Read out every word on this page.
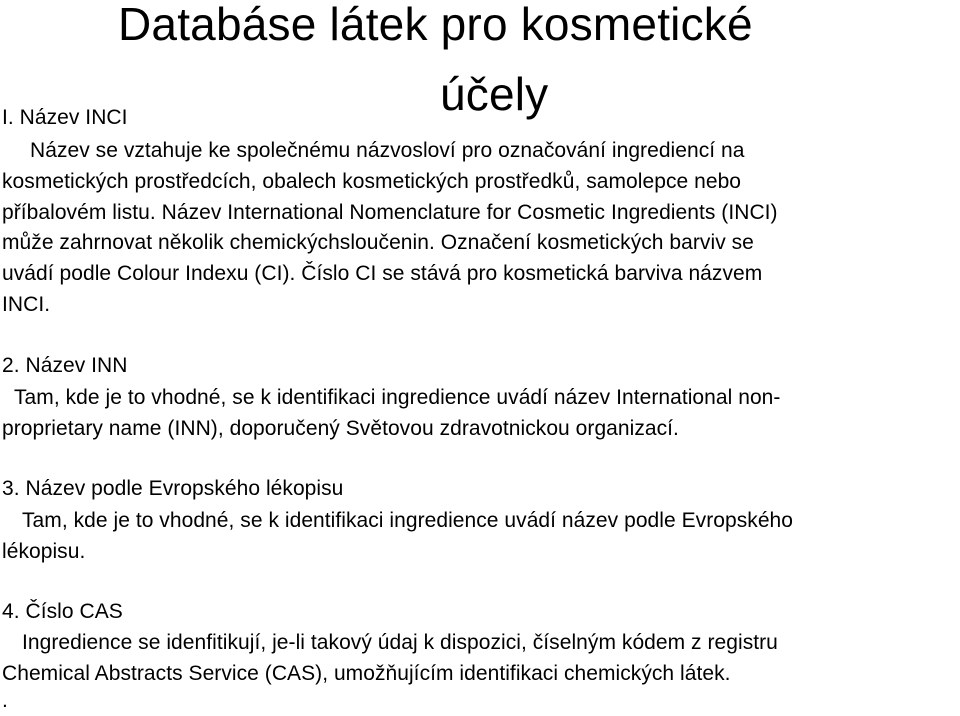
Databáse látek pro kosmetické
účely
I. Název INCI
Název se vztahuje ke společnému názvosloví pro označování ingrediencí na
kosmetických prostředcích, obalech kosmetických prostředků, samolepce nebo
příbalovém listu. Název International Nomenclature for Cosmetic Ingredients (INCI)
může zahrnovat několik chemickýchsloučenin. Označení kosmetických barviv se
uvádí podle Colour Indexu (CI). Číslo CI se stává pro kosmetická barviva názvem
INCI.
2. Název INN
Tam, kde je to vhodné, se k identifikaci ingredience uvádí název International non-
proprietary name (INN), doporučený Světovou zdravotnickou organizací.
3. Název podle Evropského lékopisu
Tam, kde je to vhodné, se k identifikaci ingredience uvádí název podle Evropského
lékopisu.
4. Číslo CAS
Ingredience se idenfitikují, je-li takový údaj k dispozici, číselným kódem z registru
Chemical Abstracts Service (CAS), umožňujícím identifikaci chemických látek.
.
